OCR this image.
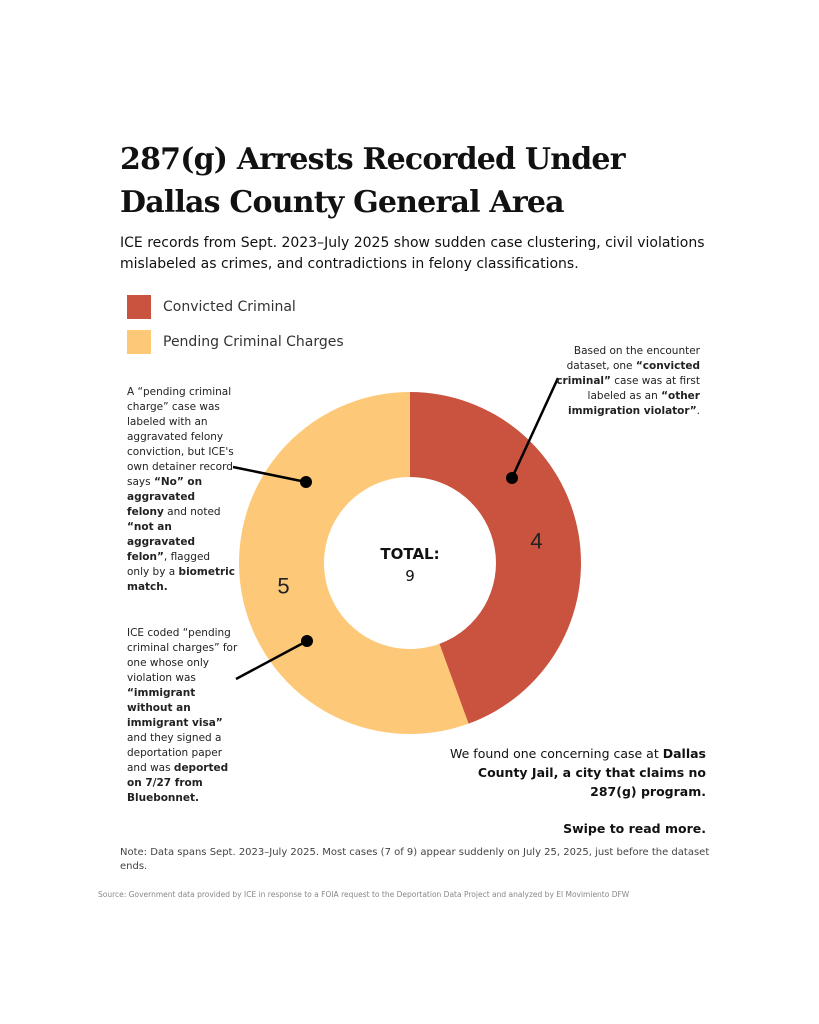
287(g) Arrests Recorded Under Dallas County General Area

ICE records from Sept. 2023–July 2025 show sudden case clustering, civil violations mislabeled as crimes, and contradictions in felony classifications.

Convicted Criminal
Pending Criminal Charges
4
5
TOTAL:
9
Based on the encounter dataset, one “convicted criminal” case was at first labeled as an “other immigration violator”.
A “pending criminal charge” case was labeled with an aggravated felony conviction, but ICE's own detainer record says “No” on aggravated felony and noted “not an aggravated felon”, flagged only by a biometric match.
ICE coded “pending criminal charges” for one whose only violation was “immigrant without an immigrant visa” and they signed a deportation paper and was deported on 7/27 from Bluebonnet.
We found one concerning case at Dallas County Jail, a city that claims no 287(g) program.
Swipe to read more.
Note: Data spans Sept. 2023–July 2025. Most cases (7 of 9) appear suddenly on July 25, 2025, just before the dataset ends.
Source: Government data provided by ICE in response to a FOIA request to the Deportation Data Project and analyzed by El Movimiento DFW
